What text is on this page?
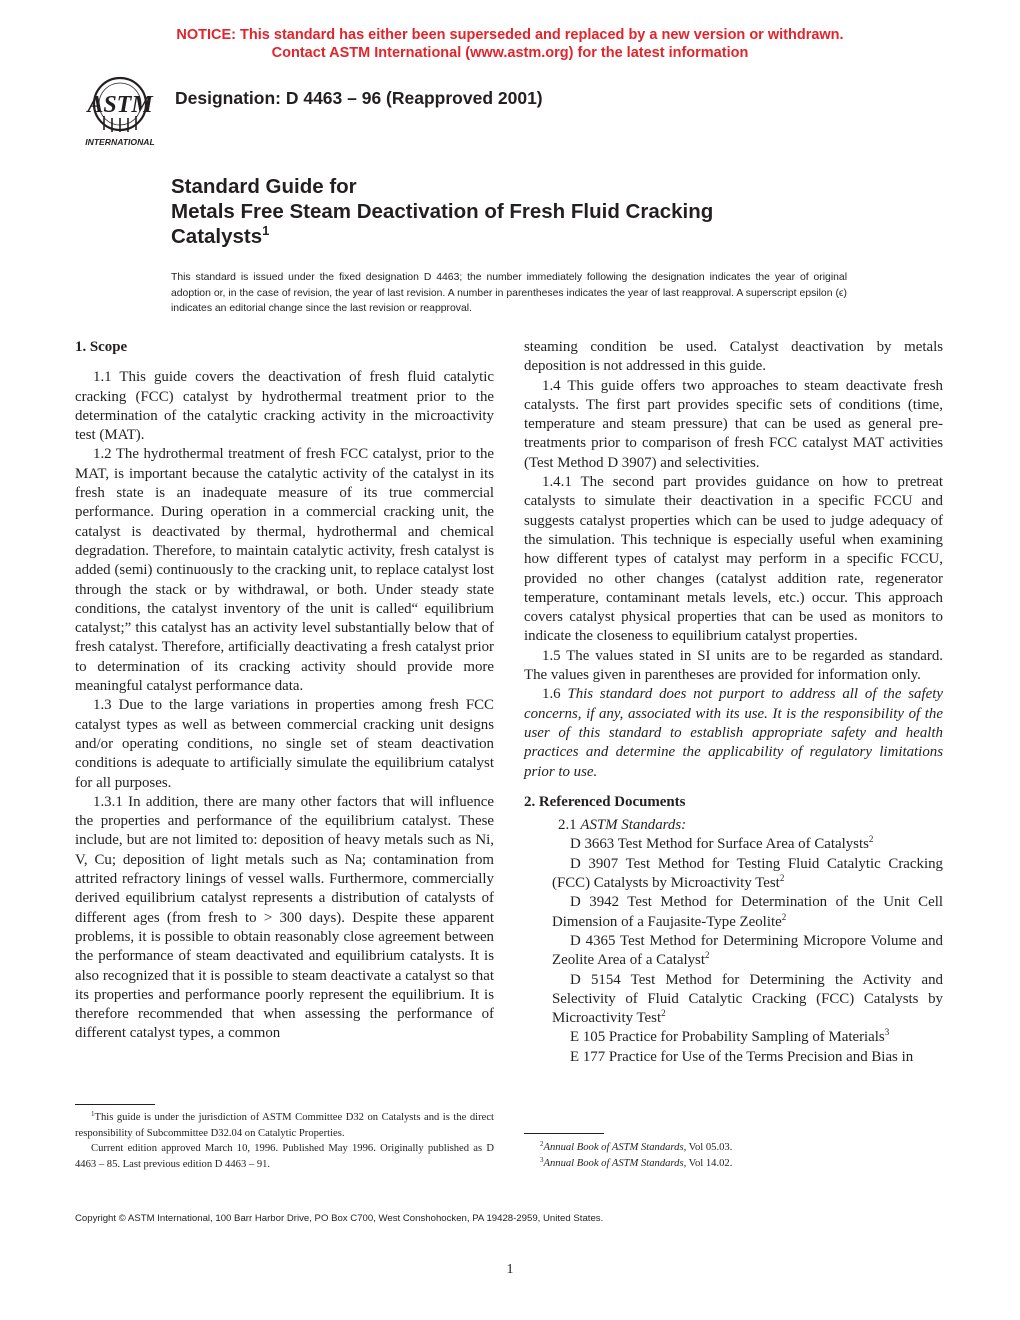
NOTICE: This standard has either been superseded and replaced by a new version or withdrawn.
Contact ASTM International (www.astm.org) for the latest information
ASTM
INTERNATIONAL
Designation: D 4463 – 96 (Reapproved 2001)
Standard Guide for
Metals Free Steam Deactivation of Fresh Fluid Cracking
Catalysts$^1$
This standard is issued under the fixed designation D 4463; the number immediately following the designation indicates the year of original adoption or, in the case of revision, the year of last revision. A number in parentheses indicates the year of last reapproval. A superscript epsilon (ϵ) indicates an editorial change since the last revision or reapproval.
1. Scope

1.1 This guide covers the deactivation of fresh fluid catalytic cracking (FCC) catalyst by hydrothermal treatment prior to the determination of the catalytic cracking activity in the microactivity test (MAT).

1.2 The hydrothermal treatment of fresh FCC catalyst, prior to the MAT, is important because the catalytic activity of the catalyst in its fresh state is an inadequate measure of its true commercial performance. During operation in a commercial cracking unit, the catalyst is deactivated by thermal, hydrothermal and chemical degradation. Therefore, to maintain catalytic activity, fresh catalyst is added (semi) continuously to the cracking unit, to replace catalyst lost through the stack or by withdrawal, or both. Under steady state conditions, the catalyst inventory of the unit is called“ equilibrium catalyst;” this catalyst has an activity level substantially below that of fresh catalyst. Therefore, artificially deactivating a fresh catalyst prior to determination of its cracking activity should provide more meaningful catalyst performance data.

1.3 Due to the large variations in properties among fresh FCC catalyst types as well as between commercial cracking unit designs and/or operating conditions, no single set of steam deactivation conditions is adequate to artificially simulate the equilibrium catalyst for all purposes.

1.3.1 In addition, there are many other factors that will influence the properties and performance of the equilibrium catalyst. These include, but are not limited to: deposition of heavy metals such as Ni, V, Cu; deposition of light metals such as Na; contamination from attrited refractory linings of vessel walls. Furthermore, commercially derived equilibrium catalyst represents a distribution of catalysts of different ages (from fresh to > 300 days). Despite these apparent problems, it is possible to obtain reasonably close agreement between the performance of steam deactivated and equilibrium catalysts. It is also recognized that it is possible to steam deactivate a catalyst so that its properties and performance poorly represent the equilibrium. It is therefore recommended that when assessing the performance of different catalyst types, a common

steaming condition be used. Catalyst deactivation by metals deposition is not addressed in this guide.

1.4 This guide offers two approaches to steam deactivate fresh catalysts. The first part provides specific sets of conditions (time, temperature and steam pressure) that can be used as general pre-treatments prior to comparison of fresh FCC catalyst MAT activities (Test Method D 3907) and selectivities.

1.4.1 The second part provides guidance on how to pretreat catalysts to simulate their deactivation in a specific FCCU and suggests catalyst properties which can be used to judge adequacy of the simulation. This technique is especially useful when examining how different types of catalyst may perform in a specific FCCU, provided no other changes (catalyst addition rate, regenerator temperature, contaminant metals levels, etc.) occur. This approach covers catalyst physical properties that can be used as monitors to indicate the closeness to equilibrium catalyst properties.

1.5 The values stated in SI units are to be regarded as standard. The values given in parentheses are provided for information only.

1.6 This standard does not purport to address all of the safety concerns, if any, associated with its use. It is the responsibility of the user of this standard to establish appropriate safety and health practices and determine the applicability of regulatory limitations prior to use.

2. Referenced Documents

2.1 ASTM Standards:

D 3663 Test Method for Surface Area of Catalysts$^2$

D 3907 Test Method for Testing Fluid Catalytic Cracking (FCC) Catalysts by Microactivity Test$^2$

D 3942 Test Method for Determination of the Unit Cell Dimension of a Faujasite-Type Zeolite$^2$

D 4365 Test Method for Determining Micropore Volume and Zeolite Area of a Catalyst$^2$

D 5154 Test Method for Determining the Activity and Selectivity of Fluid Catalytic Cracking (FCC) Catalysts by Microactivity Test$^2$

E 105 Practice for Probability Sampling of Materials$^3$

E 177 Practice for Use of the Terms Precision and Bias in

$^1$This guide is under the jurisdiction of ASTM Committee D32 on Catalysts and is the direct responsibility of Subcommittee D32.04 on Catalytic Properties.

Current edition approved March 10, 1996. Published May 1996. Originally published as D 4463 – 85. Last previous edition D 4463 – 91.

$^2$Annual Book of ASTM Standards, Vol 05.03.

$^3$Annual Book of ASTM Standards, Vol 14.02.

Copyright © ASTM International, 100 Barr Harbor Drive, PO Box C700, West Conshohocken, PA 19428-2959, United States.
1
